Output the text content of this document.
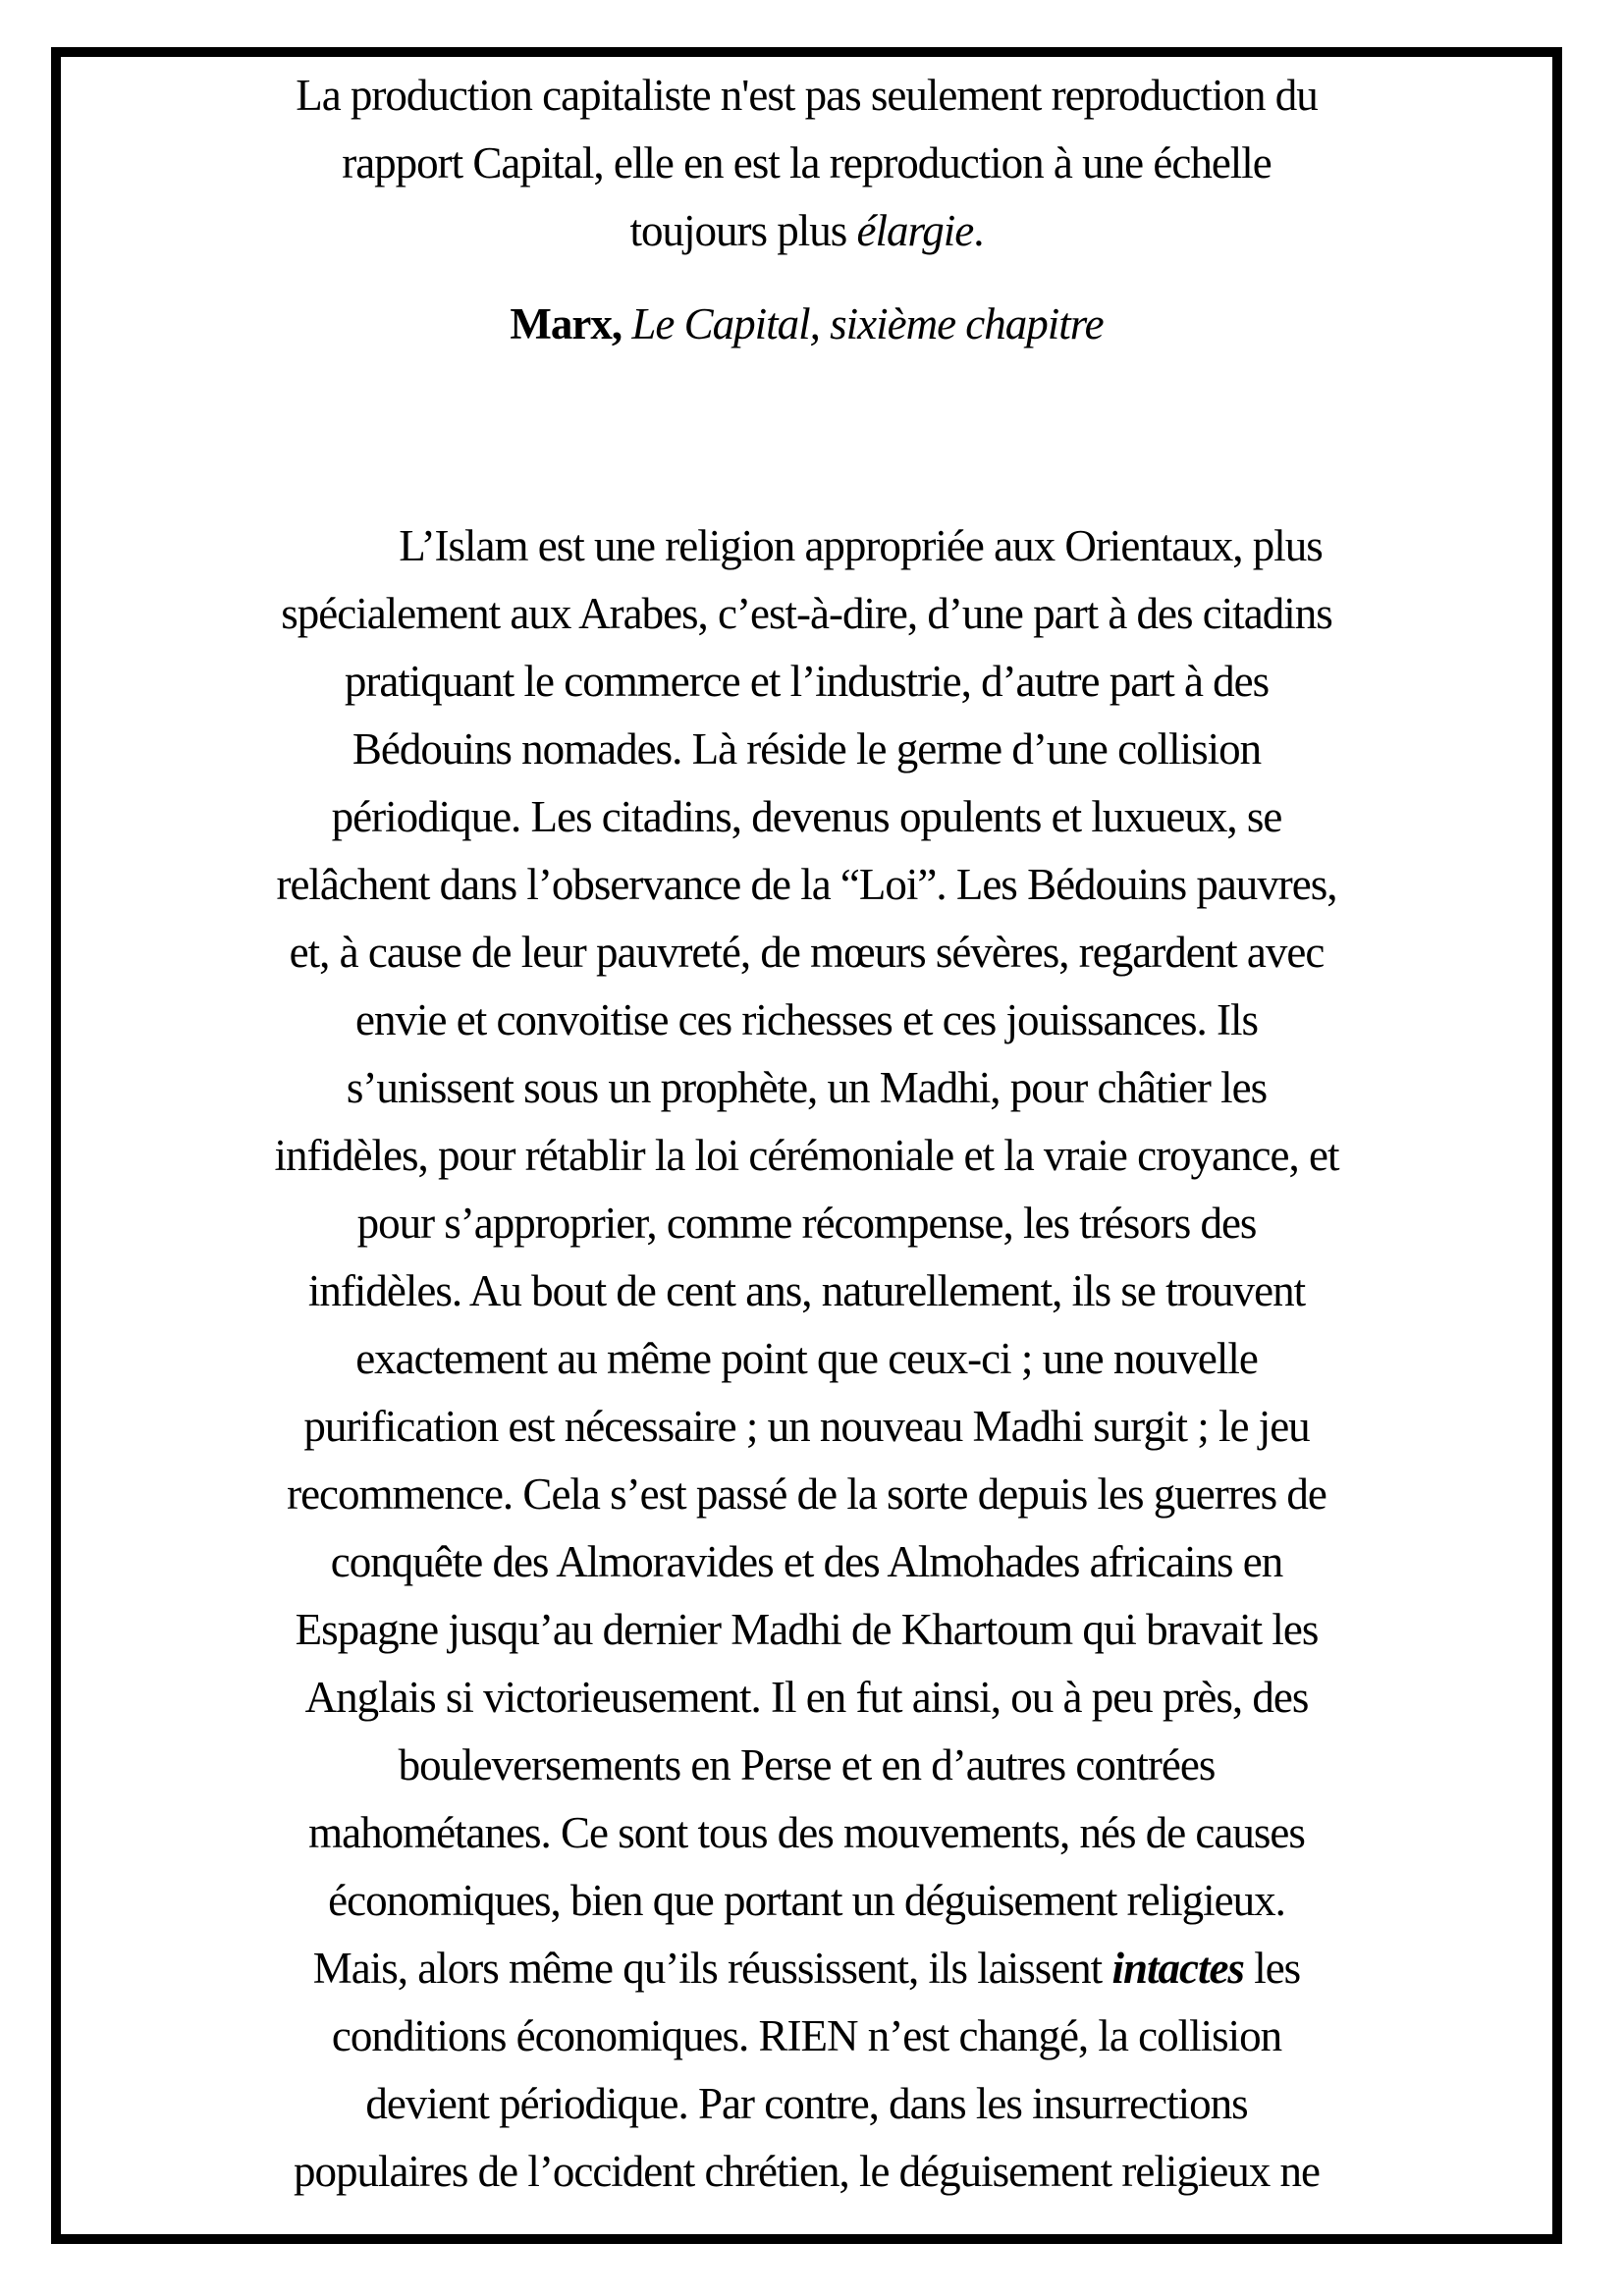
La production capitaliste n'est pas seulement reproduction du
rapport Capital, elle en est la reproduction à une échelle
toujours plus élargie.
Marx, Le Capital, sixième chapitre
L’Islam est une religion appropriée aux Orientaux, plus
spécialement aux Arabes, c’est-à-dire, d’une part à des citadins
pratiquant le commerce et l’industrie, d’autre part à des
Bédouins nomades. Là réside le germe d’une collision
périodique. Les citadins, devenus opulents et luxueux, se
relâchent dans l’observance de la “Loi”. Les Bédouins pauvres,
et, à cause de leur pauvreté, de mœurs sévères, regardent avec
envie et convoitise ces richesses et ces jouissances. Ils
s’unissent sous un prophète, un Madhi, pour châtier les
infidèles, pour rétablir la loi cérémoniale et la vraie croyance, et
pour s’approprier, comme récompense, les trésors des
infidèles. Au bout de cent ans, naturellement, ils se trouvent
exactement au même point que ceux-ci ; une nouvelle
purification est nécessaire ; un nouveau Madhi surgit ; le jeu
recommence. Cela s’est passé de la sorte depuis les guerres de
conquête des Almoravides et des Almohades africains en
Espagne jusqu’au dernier Madhi de Khartoum qui bravait les
Anglais si victorieusement. Il en fut ainsi, ou à peu près, des
bouleversements en Perse et en d’autres contrées
mahométanes. Ce sont tous des mouvements, nés de causes
économiques, bien que portant un déguisement religieux.
Mais, alors même qu’ils réussissent, ils laissent intactes les
conditions économiques. RIEN n’est changé, la collision
devient périodique. Par contre, dans les insurrections
populaires de l’occident chrétien, le déguisement religieux ne
